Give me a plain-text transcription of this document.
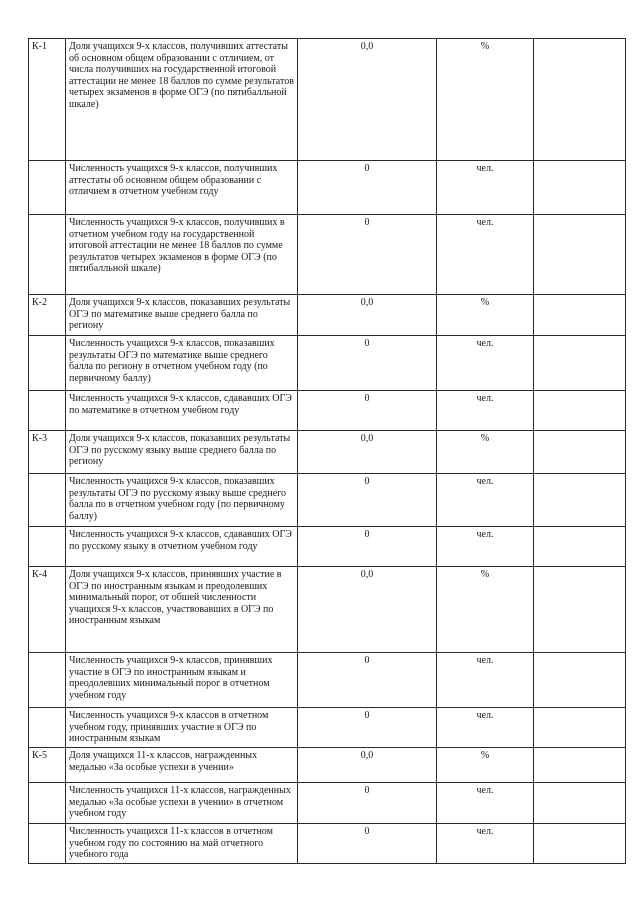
К-1	Доля учащихся 9-х классов, получивших аттестаты об основном общем образовании с отличием, от числа получивших на государственной итоговой аттестации не менее 18 баллов по сумме результатов четырех экзаменов в форме ОГЭ (по пятибалльной шкале)	0,0	%	
	Численность учащихся 9-х классов, получивших аттестаты об основном общем образовании с отличием в отчетном учебном году	0	чел.	
	Численность учащихся 9-х классов, получивших в отчетном учебном году на государственной итоговой аттестации не менее 18 баллов по сумме результатов четырех экзаменов в форме ОГЭ (по пятибалльной шкале)	0	чел.	
К-2	Доля учащихся 9-х классов, показавших результаты ОГЭ по математике выше среднего балла по региону	0,0	%	
	Численность учащихся 9-х классов, показавших результаты ОГЭ по математике выше среднего балла по региону в отчетном учебном году (по первичному баллу)	0	чел.	
	Численность учащихся 9-х классов, сдававших ОГЭ по математике в отчетном учебном году	0	чел.	
К-3	Доля учащихся 9-х классов, показавших результаты ОГЭ по русскому языку выше среднего балла по региону	0,0	%	
	Численность учащихся 9-х классов, показавших результаты ОГЭ по русскому языку выше среднего балла по в отчетном учебном году (по первичному баллу)	0	чел.	
	Численность учащихся 9-х классов, сдававших ОГЭ по русскому языку в отчетном учебном году	0	чел.	
К-4	Доля учащихся 9-х классов, принявших участие в ОГЭ по иностранным языкам и преодолевших минимальный порог, от обшей численности учащихся 9-х классов, участвовавших в ОГЭ по иностранным языкам	0,0	%	
	Численность учащихся 9-х классов, принявших участие в ОГЭ по иностранным языкам и преодолевших минимальный порог в отчетном учебном году	0	чел.	
	Численность учащихся 9-х классов в отчетном учебном году, принявших участие в ОГЭ по иностранным языкам	0	чел.	
К-5	Доля учащихся 11-х классов, награжденных медалью «За особые успехи в учении»	0,0	%	
	Численность учащихся 11-х классов, награжденных медалью «За особые успехи в учении» в отчетном учебном году	0	чел.	
	Численность учащихся 11-х классов в отчетном учебном году по состоянию на май отчетного учебного года	0	чел.	
